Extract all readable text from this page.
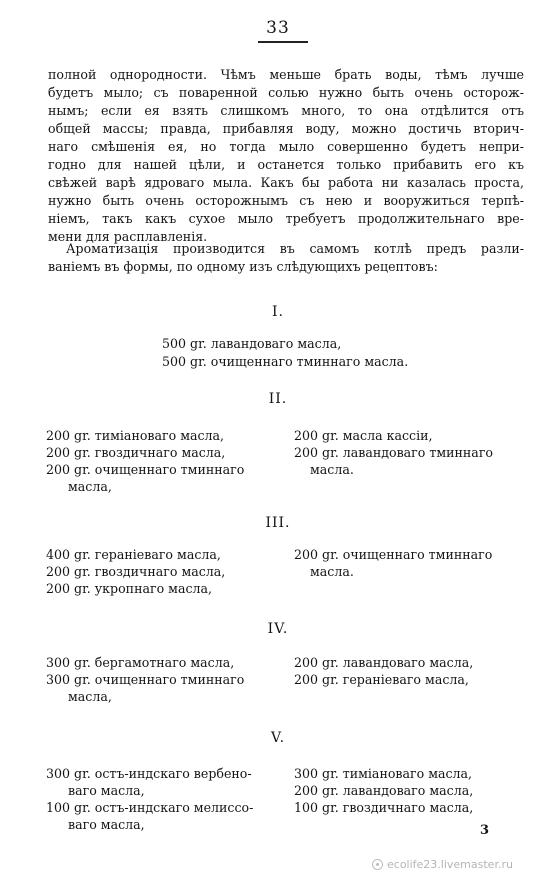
33
полной однородности. Чѣмъ меньше брать воды, тѣмъ лучше
будетъ мыло; съ поваренной солью нужно быть очень осторож-
нымъ; если ея взять слишкомъ много, то она отдѣлится отъ
общей массы; правда, прибавляя воду, можно достичь вторич-
наго смѣшенія ея, но тогда мыло совершенно будетъ непри-
годно для нашей цѣли, и останется только прибавить его къ
свѣжей варѣ ядроваго мыла. Какъ бы работа ни казалась проста,
нужно быть очень осторожнымъ съ нею и вооружиться терпѣ-
ніемъ, такъ какъ сухое мыло требуетъ продолжительнаго вре-
мени для расплавленія.
Ароматизація производится въ самомъ котлѣ предъ разли-
ваніемъ въ формы, по одному изъ слѣдующихъ рецептовъ:
I.
500 gr. лавандоваго масла,
500 gr. очищеннаго тминнаго масла.
II.
200 gr. тиміановаго масла,
200 gr. гвоздичнаго масла,
200 gr. очищеннаго тминнаго
масла,
200 gr. масла кассіи,
200 gr. лавандоваго тминнаго
масла.
III.
400 gr. гераніеваго масла,
200 gr. гвоздичнаго масла,
200 gr. укропнаго масла,
200 gr. очищеннаго тминнаго
масла.
IV.
300 gr. бергамотнаго масла,
300 gr. очищеннаго тминнаго
масла,
200 gr. лавандоваго масла,
200 gr. гераніеваго масла,
V.
300 gr. остъ-индскаго вербено-
ваго масла,
100 gr. остъ-индскаго мелиссо-
ваго масла,
300 gr. тиміановаго масла,
200 gr. лавандоваго масла,
100 gr. гвоздичнаго масла,
3
ecolife23.livemaster.ru
